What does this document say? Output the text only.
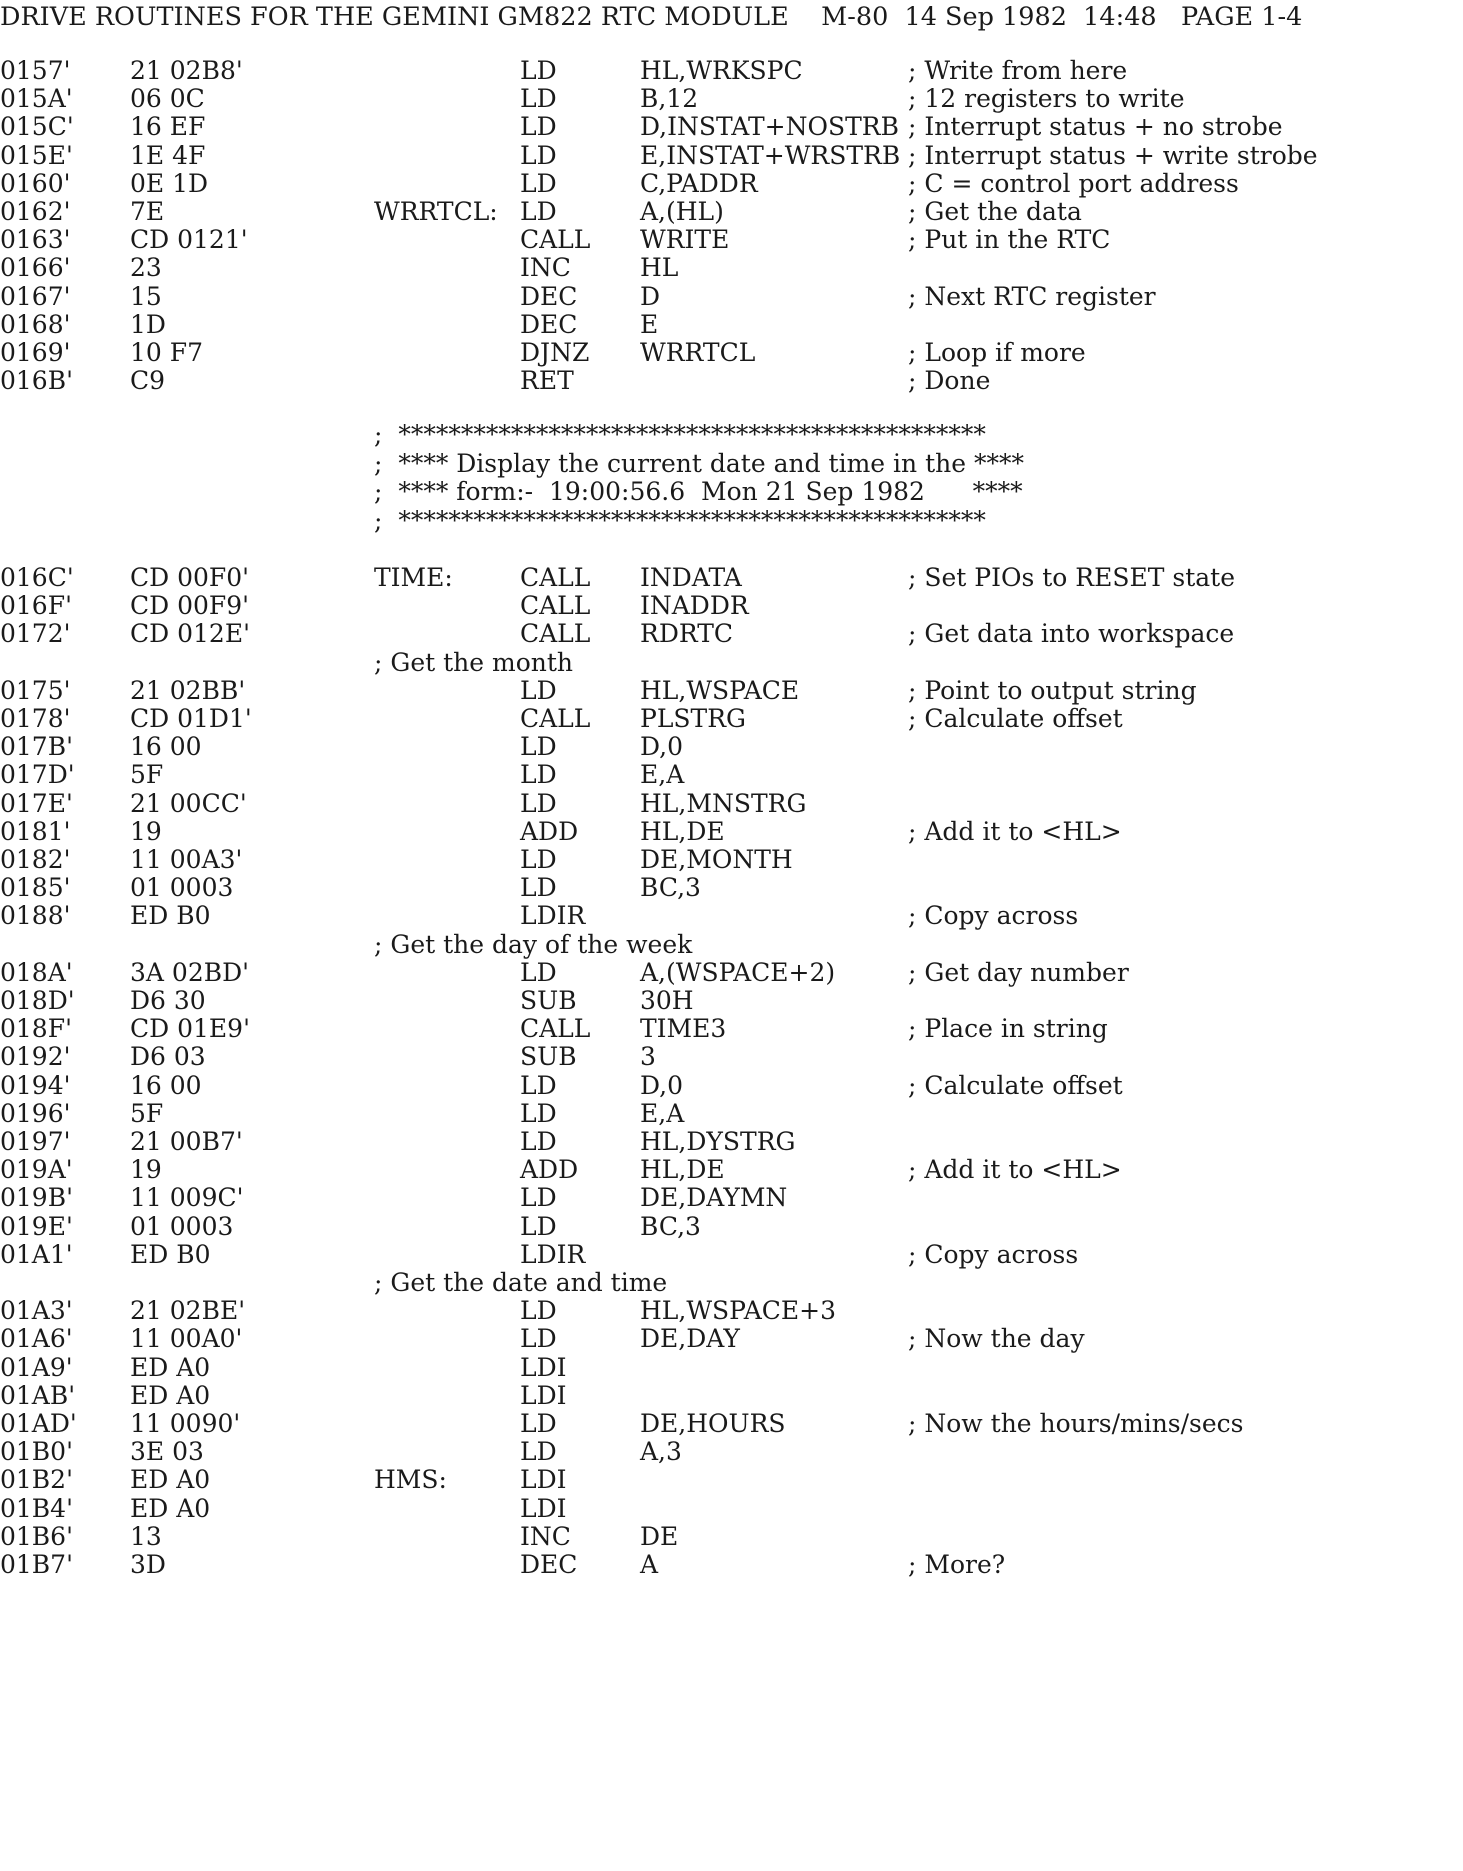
DRIVE ROUTINES FOR THE GEMINI GM822 RTC MODULE    M-80  14 Sep 1982  14:48   PAGE 1-4
0157' 21 02B8'	LD	HL,WRKSPC	; Write from here
015A' 06 0C	LD	B,12	; 12 registers to write
015C' 16 EF	LD	D,INSTAT+NOSTRB ; Interrupt status + no strobe
015E' 1E 4F	LD	E,INSTAT+WRSTRB ; Interrupt status + write strobe
0160' 0E 1D	LD	C,PADDR	; C = control port address
0162' 7E	WRRTCL: LD	A,(HL)	; Get the data
0163' CD 0121'	CALL WRITE	; Put in the RTC
0166' 23	INC	HL
0167' 15	DEC	D	; Next RTC register
0168' 1D	DEC	E
0169' 10 F7	DJNZ WRRTCL	; Loop if more
016B' C9	RET	; Done
;  ***********************************************
;  **** Display the current date and time in the ****
;  **** form:-  19:00:56.6  Mon 21 Sep 1982      ****
;  ***********************************************
016C' CD 00F0'	TIME:	CALL INDATA	; Set PIOs to RESET state
016F' CD 00F9'	CALL INADDR
0172' CD 012E'	CALL RDRTC	; Get data into workspace
; Get the month
0175' 21 02BB'	LD	HL,WSPACE	; Point to output string
0178' CD 01D1'	CALL PLSTRG	; Calculate offset
017B' 16 00	LD	D,0
017D' 5F	LD	E,A
017E' 21 00CC'	LD	HL,MNSTRG
0181' 19	ADD HL,DE	; Add it to <HL>
0182' 11 00A3'	LD	DE,MONTH
0185' 01 0003	LD	BC,3
0188' ED B0	LDIR	; Copy across
; Get the day of the week
018A' 3A 02BD'	LD	A,(WSPACE+2)	; Get day number
018D' D6 30	SUB	30H
018F' CD 01E9'	CALL TIME3	; Place in string
0192' D6 03	SUB	3
0194' 16 00	LD	D,0	; Calculate offset
0196' 5F	LD	E,A
0197' 21 00B7'	LD	HL,DYSTRG
019A' 19	ADD HL,DE	; Add it to <HL>
019B' 11 009C'	LD	DE,DAYMN
019E' 01 0003	LD	BC,3
01A1' ED B0	LDIR	; Copy across
; Get the date and time
01A3' 21 02BE'	LD	HL,WSPACE+3
01A6' 11 00A0'	LD	DE,DAY	; Now the day
01A9' ED A0	LDI
01AB' ED A0	LDI
01AD' 11 0090'	LD	DE,HOURS	; Now the hours/mins/secs
01B0' 3E 03	LD	A,3
01B2' ED A0	HMS:	LDI
01B4' ED A0	LDI
01B6' 13	INC	DE
01B7' 3D	DEC	A	; More?
